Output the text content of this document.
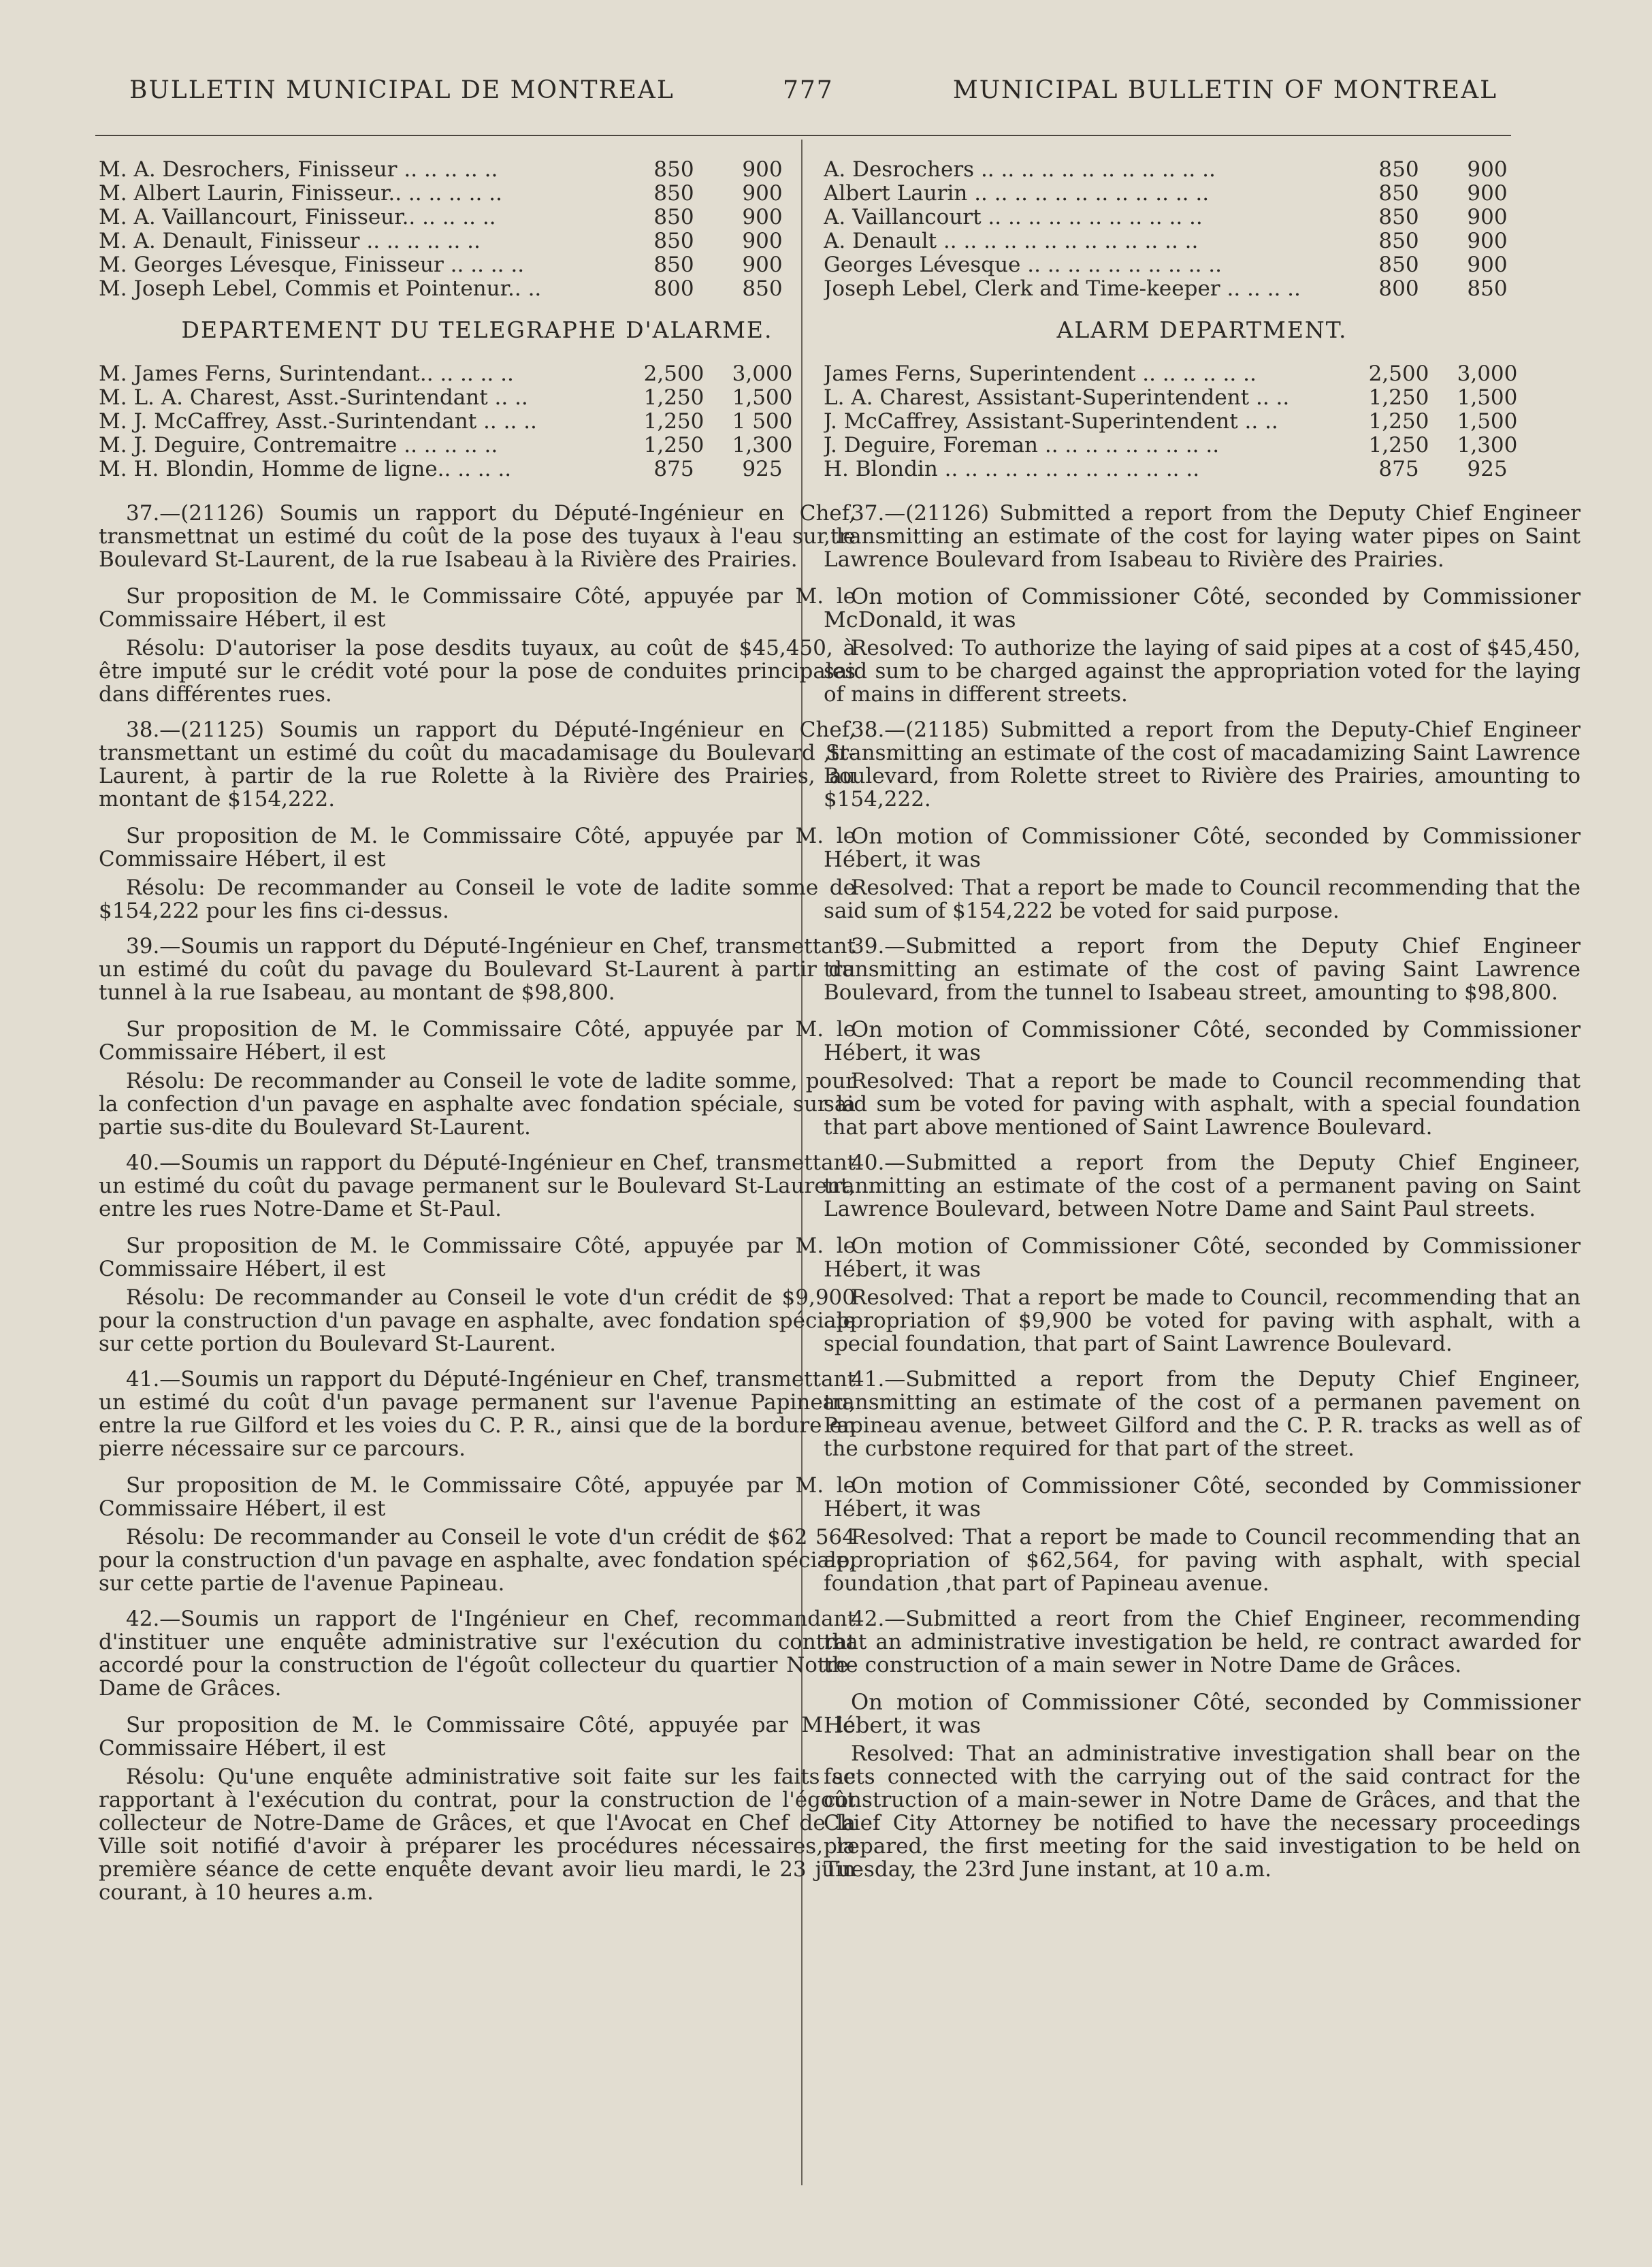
BULLETIN MUNICIPAL DE MONTREAL	777	MUNICIPAL BULLETIN OF MONTREAL
M. A. Desrochers, Finisseur .. .. .. .. ..	850	900
M. Albert Laurin, Finisseur.. .. .. .. .. ..	850	900
M. A. Vaillancourt, Finisseur.. .. .. .. ..	850	900
M. A. Denault, Finisseur .. .. .. .. .. ..	850	900
M. Georges Lévesque, Finisseur .. .. .. ..	850	900
M. Joseph Lebel, Commis et Pointenur.. ..	800	850
DEPARTEMENT DU TELEGRAPHE D'ALARME.
M. James Ferns, Surintendant.. .. .. .. ..	2,500	3,000
M. L. A. Charest, Asst.-Surintendant .. ..	1,250	1,500
M. J. McCaffrey, Asst.-Surintendant .. .. ..	1,250	1 500
M. J. Deguire, Contremaitre .. .. .. .. ..	1,250	1,300
M. H. Blondin, Homme de ligne.. .. .. ..	875	925

37.—(21126) Soumis un rapport du Député-Ingénieur en Chef, transmettnat un estimé du coût de la pose des tuyaux à l'eau sur le Boulevard St-Laurent, de la rue Isabeau à la Rivière des Prairies.

Sur proposition de M. le Commissaire Côté, appuyée par M. le Commissaire Hébert, il est

Résolu: D'autoriser la pose desdits tuyaux, au coût de $45,450, à être imputé sur le crédit voté pour la pose de conduites principales dans différentes rues.

38.—(21125) Soumis un rapport du Député-Ingénieur en Chef, transmettant un estimé du coût du macadamisage du Boulevard St-Laurent, à partir de la rue Rolette à la Rivière des Prairies, au montant de $154,222.

Sur proposition de M. le Commissaire Côté, appuyée par M. le Commissaire Hébert, il est

Résolu: De recommander au Conseil le vote de ladite somme de $154,222 pour les fins ci-dessus.

39.—Soumis un rapport du Député-Ingénieur en Chef, transmettant un estimé du coût du pavage du Boulevard St-Laurent à partir du tunnel à la rue Isabeau, au montant de $98,800.

Sur proposition de M. le Commissaire Côté, appuyée par M. le Commissaire Hébert, il est

Résolu: De recommander au Conseil le vote de ladite somme, pour la confection d'un pavage en asphalte avec fondation spéciale, sur la partie sus-dite du Boulevard St-Laurent.

40.—Soumis un rapport du Député-Ingénieur en Chef, transmettant un estimé du coût du pavage permanent sur le Boulevard St-Laurent, entre les rues Notre-Dame et St-Paul.

Sur proposition de M. le Commissaire Côté, appuyée par M. le Commissaire Hébert, il est

Résolu: De recommander au Conseil le vote d'un crédit de $9,900 pour la construction d'un pavage en asphalte, avec fondation spéciale sur cette portion du Boulevard St-Laurent.

41.—Soumis un rapport du Député-Ingénieur en Chef, transmettant un estimé du coût d'un pavage permanent sur l'avenue Papineau, entre la rue Gilford et les voies du C. P. R., ainsi que de la bordure en pierre nécessaire sur ce parcours.

Sur proposition de M. le Commissaire Côté, appuyée par M. le Commissaire Hébert, il est

Résolu: De recommander au Conseil le vote d'un crédit de $62 564 pour la construction d'un pavage en asphalte, avec fondation spéciale, sur cette partie de l'avenue Papineau.

42.—Soumis un rapport de l'Ingénieur en Chef, recommandant d'instituer une enquête administrative sur l'exécution du contrat accordé pour la construction de l'égoût collecteur du quartier Notre-Dame de Grâces.

Sur proposition de M. le Commissaire Côté, appuyée par M le Commissaire Hébert, il est

Résolu: Qu'une enquête administrative soit faite sur les faits se rapportant à l'exécution du contrat, pour la construction de l'égoût collecteur de Notre-Dame de Grâces, et que l'Avocat en Chef de la Ville soit notifié d'avoir à préparer les procédures nécessaires, la première séance de cette enquête devant avoir lieu mardi, le 23 juin courant, à 10 heures a.m.

A. Desrochers .. .. .. .. .. .. .. .. .. .. .. ..	850	900
Albert Laurin .. .. .. .. .. .. .. .. .. .. .. ..	850	900
A. Vaillancourt .. .. .. .. .. .. .. .. .. .. ..	850	900
A. Denault .. .. .. .. .. .. .. .. .. .. .. .. ..	850	900
Georges Lévesque .. .. .. .. .. .. .. .. .. ..	850	900
Joseph Lebel, Clerk and Time-keeper .. .. .. ..	800	850
ALARM DEPARTMENT.
James Ferns, Superintendent .. .. .. .. .. ..	2,500	3,000
L. A. Charest, Assistant-Superintendent .. ..	1,250	1,500
J. McCaffrey, Assistant-Superintendent .. ..	1,250	1,500
J. Deguire, Foreman .. .. .. .. .. .. .. .. ..	1,250	1,300
H. Blondin .. .. .. .. .. .. .. .. .. .. .. .. ..	875	925

37.—(21126) Submitted a report from the Deputy Chief Engineer ,transmitting an estimate of the cost for laying water pipes on Saint Lawrence Boulevard from Isabeau to Rivière des Prairies.

On motion of Commissioner Côté, seconded by Commissioner McDonald, it was

Resolved: To authorize the laying of said pipes at a cost of $45,450, said sum to be charged against the appropriation voted for the laying of mains in different streets.

38.—(21185) Submitted a report from the Deputy-Chief Engineer ,transmitting an estimate of the cost of macadamizing Saint Lawrence Boulevard, from Rolette street to Rivière des Prairies, amounting to $154,222.

On motion of Commissioner Côté, seconded by Commissioner Hébert, it was

Resolved: That a report be made to Council recommending that the said sum of $154,222 be voted for said purpose.

39.—Submitted a report from the Deputy Chief Engineer transmitting an estimate of the cost of paving Saint Lawrence Boulevard, from the tunnel to Isabeau street, amounting to $98,800.

On motion of Commissioner Côté, seconded by Commissioner Hébert, it was

Resolved: That a report be made to Council recommending that said sum be voted for paving with asphalt, with a special foundation that part above mentioned of Saint Lawrence Boulevard.

40.—Submitted a report from the Deputy Chief Engineer, tranmitting an estimate of the cost of a permanent paving on Saint Lawrence Boulevard, between Notre Dame and Saint Paul streets.

On motion of Commissioner Côté, seconded by Commissioner Hébert, it was

Resolved: That a report be made to Council, recommending that an appropriation of $9,900 be voted for paving with asphalt, with a special foundation, that part of Saint Lawrence Boulevard.

41.—Submitted a report from the Deputy Chief Engineer, transmitting an estimate of the cost of a permanen pavement on Papineau avenue, betweet Gilford and the C. P. R. tracks as well as of the curbstone required for that part of the street.

On motion of Commissioner Côté, seconded by Commissioner Hébert, it was

Resolved: That a report be made to Council recommending that an appropriation of $62,564, for paving with asphalt, with special foundation ,that part of Papineau avenue.

42.—Submitted a reort from the Chief Engineer, recommending that an administrative investigation be held, re contract awarded for the construction of a main sewer in Notre Dame de Grâces.

On motion of Commissioner Côté, seconded by Commissioner Hébert, it was

Resolved: That an administrative investigation shall bear on the facts connected with the carrying out of the said contract for the construction of a main-sewer in Notre Dame de Grâces, and that the Chief City Attorney be notified to have the necessary proceedings prepared, the first meeting for the said investigation to be held on Tuesday, the 23rd June instant, at 10 a.m.
